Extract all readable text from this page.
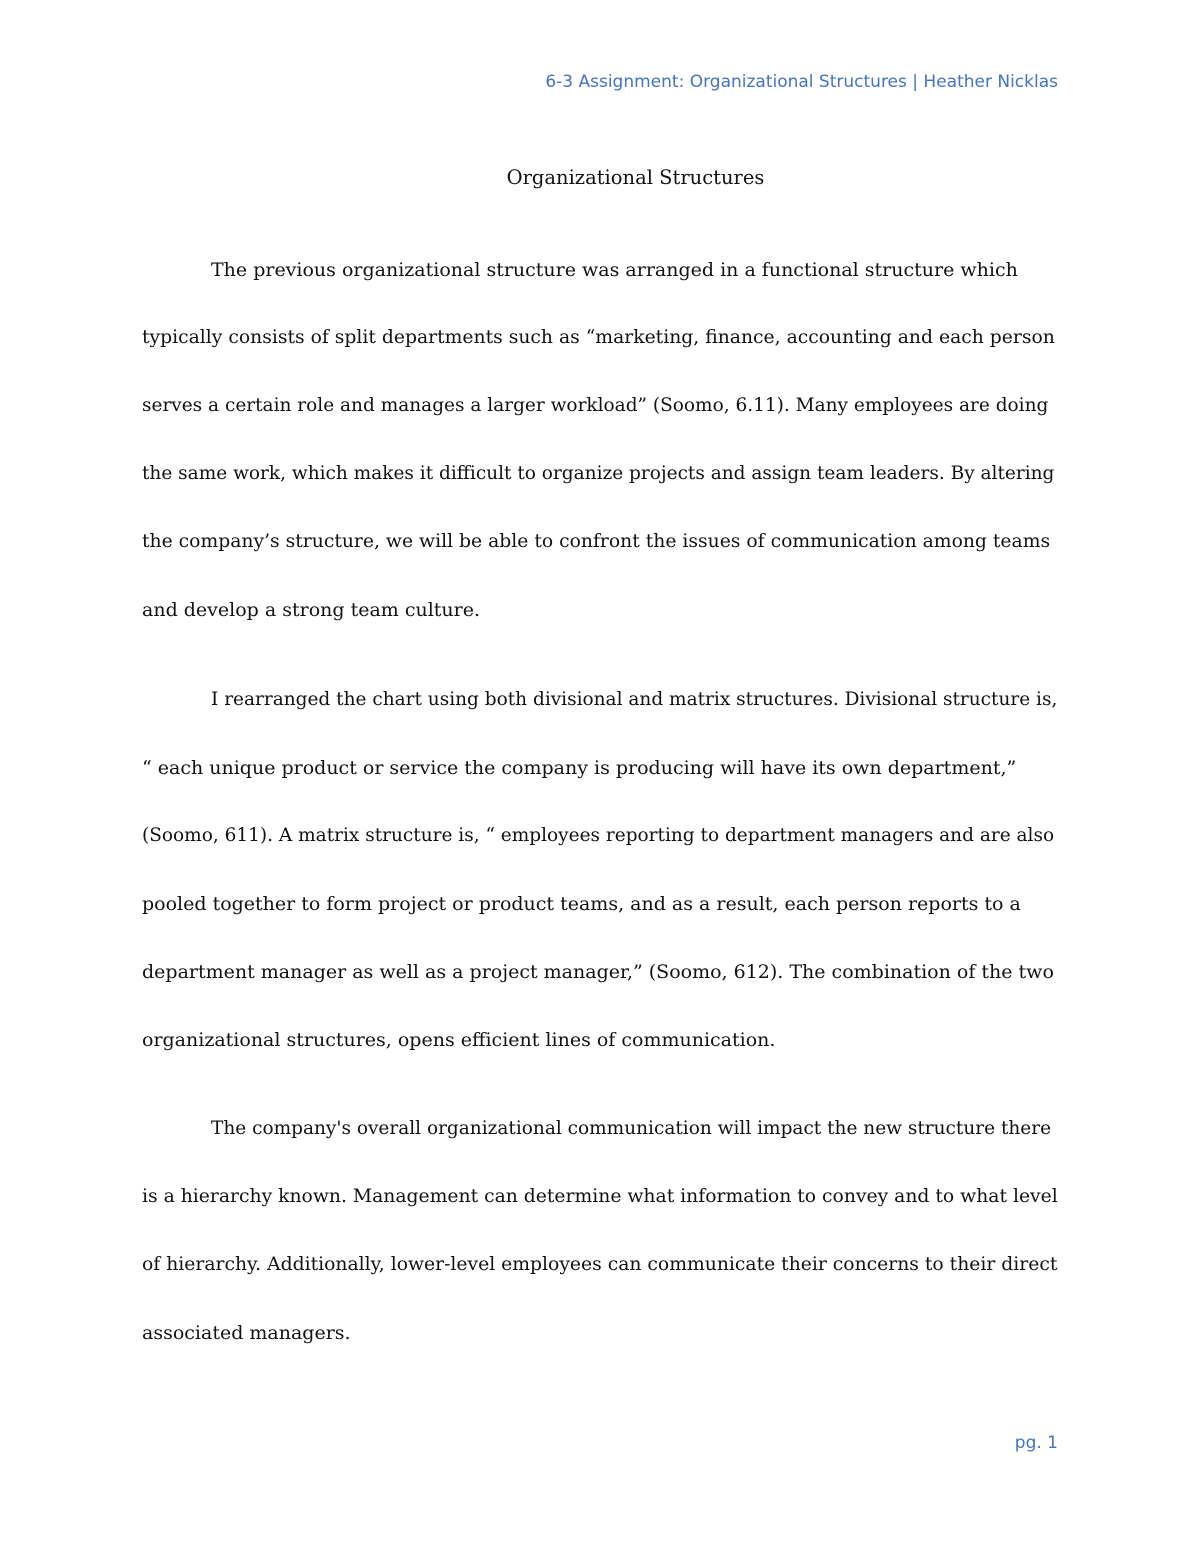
6-3 Assignment: Organizational Structures | Heather Nicklas
Organizational Structures
The previous organizational structure was arranged in a functional structure which
typically consists of split departments such as “marketing, finance, accounting and each person
serves a certain role and manages a larger workload” (Soomo, 6.11). Many employees are doing
the same work, which makes it difficult to organize projects and assign team leaders. By altering
the company’s structure, we will be able to confront the issues of communication among teams
and develop a strong team culture.
I rearranged the chart using both divisional and matrix structures. Divisional structure is,
“ each unique product or service the company is producing will have its own department,”
(Soomo, 611). A matrix structure is, “ employees reporting to department managers and are also
pooled together to form project or product teams, and as a result, each person reports to a
department manager as well as a project manager,” (Soomo, 612). The combination of the two
organizational structures, opens efficient lines of communication.
The company's overall organizational communication will impact the new structure there
is a hierarchy known. Management can determine what information to convey and to what level
of hierarchy. Additionally, lower-level employees can communicate their concerns to their direct
associated managers.
pg. 1
